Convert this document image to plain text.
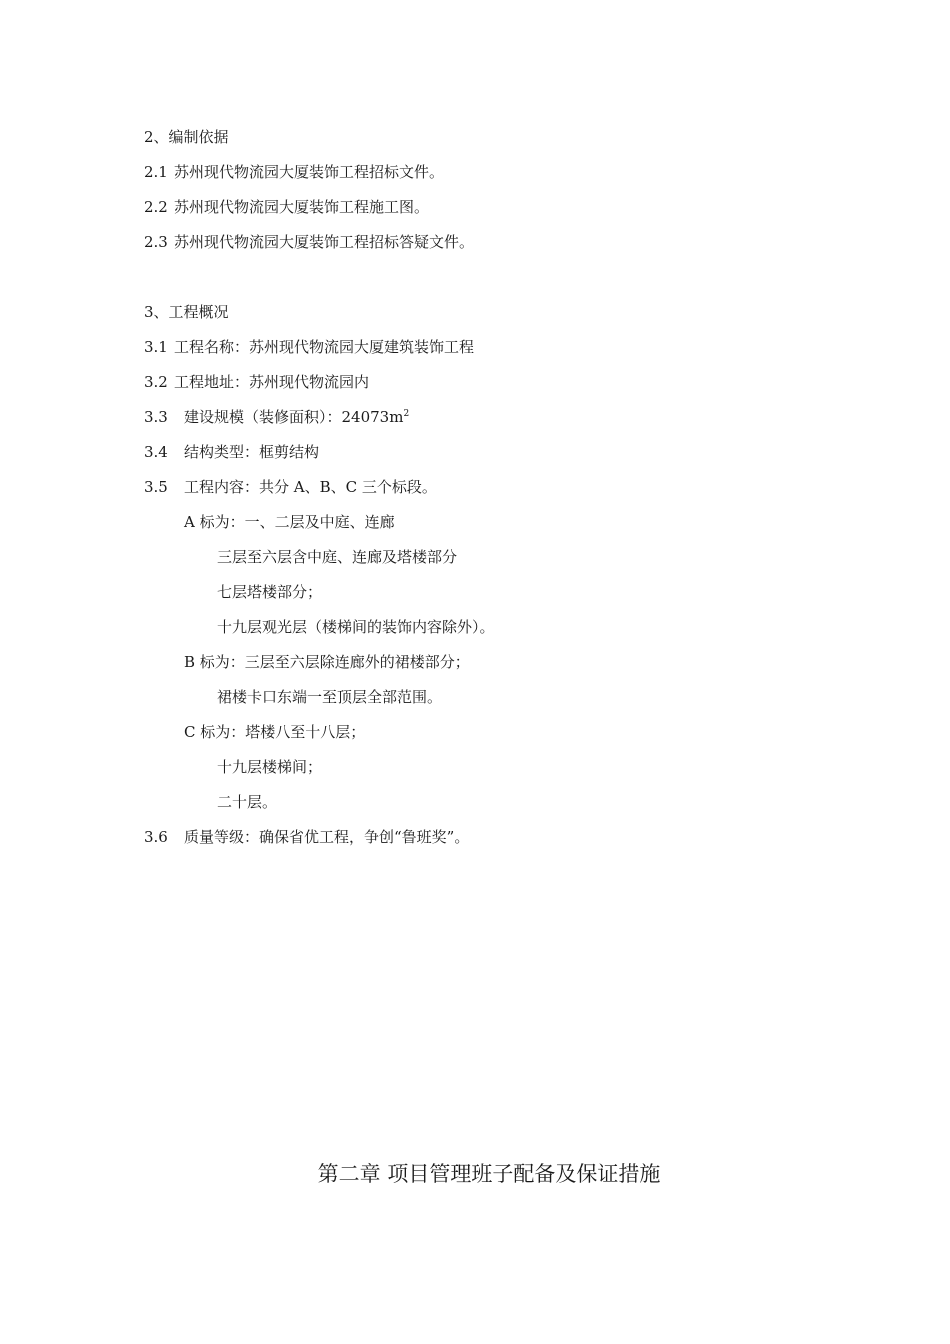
2、编制依据
2.1 苏州现代物流园大厦装饰工程招标文件。
2.2 苏州现代物流园大厦装饰工程施工图。
2.3 苏州现代物流园大厦装饰工程招标答疑文件。
3、工程概况
3.1 工程名称：苏州现代物流园大厦建筑装饰工程
3.2 工程地址：苏州现代物流园内
3.3 建设规模（装修面积）：$24073m^2$
3.4 结构类型：框剪结构
3.5 工程内容：共分 A、B、C 三个标段。
A 标为：一、二层及中庭、连廊
三层至六层含中庭、连廊及塔楼部分
七层塔楼部分；
十九层观光层（楼梯间的装饰内容除外）。
B 标为：三层至六层除连廊外的裙楼部分；
裙楼卡口东端一至顶层全部范围。
C 标为：塔楼八至十八层；
十九层楼梯间；
二十层。
3.6 质量等级：确保省优工程，争创“鲁班奖”。
第二章 项目管理班子配备及保证措施
